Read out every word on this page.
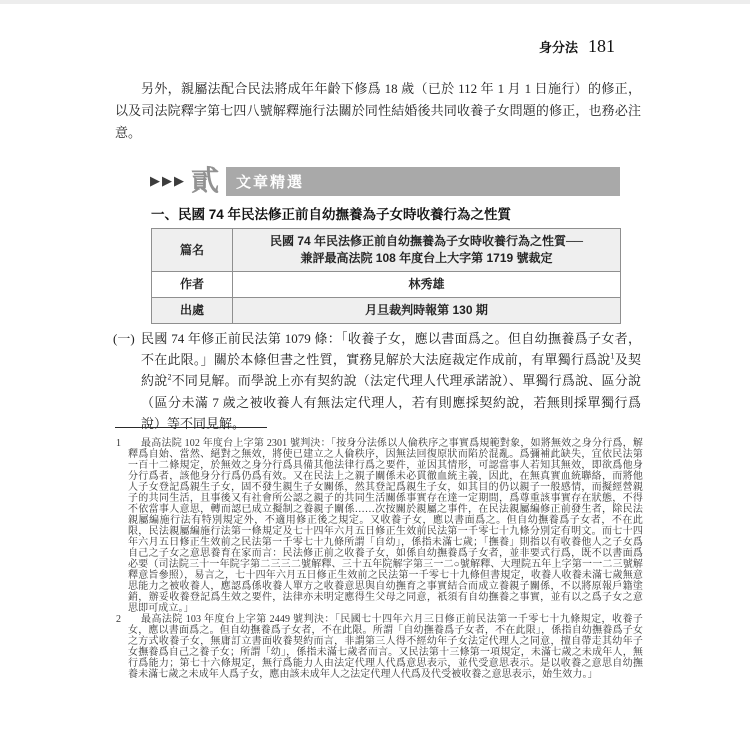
身分法 181

另外，親屬法配合民法將成年年齡下修爲 18 歲（已於 112 年 1 月 1 日施行）的修正，以及司法院釋字第七四八號解釋施行法關於同性結婚後共同收養子女問題的修正，也務必注意。

▶ ▶ ▶ 貳	文章精選
一、民國 74 年民法修正前自幼撫養為子女時收養行為之性質
篇名	民國 74 年民法修正前自幼撫養為子女時收養行為之性質──
兼評最高法院 108 年度台上大字第 1719 號裁定

作者	林秀雄
出處	月旦裁判時報第 130 期

(一) 民國 74 年修正前民法第 1079 條：「收養子女，應以書面爲之。但自幼撫養爲子女者，不在此限。」關於本條但書之性質，實務見解於大法庭裁定作成前，有單獨行爲說$^1$及契約說$^2$不同見解。而學說上亦有契約說（法定代理人代理承諾說）、單獨行爲說、區分說（區分未滿 7 歲之被收養人有無法定代理人，若有則應採契約說，若無則採單獨行爲說）等不同見解。

1 最高法院 102 年度台上字第 2301 號判決：「按身分法係以人倫秩序之事實爲規範對象，如將無效之身分行爲，解釋爲自始、當然、絕對之無效，將使已建立之人倫秩序，因無法回復原狀而陷於混亂。爲彌補此缺失，宜依民法第一百十二條規定，於無效之身分行爲具備其他法律行爲之要件，並因其情形，可認當事人若知其無效，即欲爲他身分行爲者，該他身分行爲仍爲有效。又在民法上之親子關係未必貫徹血統主義，因此，在無真實血統聯絡，而將他人子女登記爲親生子女，固不發生親生子女關係，然其登記爲親生子女，如其目的仍以親子一般感情，而擬經營親子的共同生活，且事後又有社會所公認之親子的共同生活關係事實存在達一定期間，爲尊重該事實存在狀態，不得不依當事人意思，轉而認已成立擬制之養親子關係……次按關於親屬之事件，在民法親屬編修正前發生者，除民法親屬編施行法有特別規定外，不適用修正後之規定。又收養子女，應以書面爲之。但自幼撫養爲子女者，不在此限，民法親屬編施行法第一條規定及七十四年六月五日修正生效前民法第一千零七十九條分別定有明文。而七十四年六月五日修正生效前之民法第一千零七十九條所謂「自幼」，係指未滿七歲；「撫養」則指以有收養他人之子女爲自己之子女之意思養育在家而言：民法修正前之收養子女，如係自幼撫養爲子女者，並非要式行爲，既不以書面爲必要（司法院三十一年院字第二三三二號解釋、三十五年院解字第三一二○號解釋、大理院五年上字第一一二三號解釋意旨參照），易言之，七十四年六月五日修正生效前之民法第一千零七十九條但書規定，收養人收養未滿七歲無意思能力之被收養人，應認爲係收養人單方之收養意思與自幼撫育之事實結合而成立養親子關係，不以將原報戶籍塗銷，辦妥收養登記爲生效之要件，法律亦未明定應得生父母之同意，祇須有自幼撫養之事實，並有以之爲子女之意思即可成立。」
2 最高法院 103 年度台上字第 2449 號判決：「民國七十四年六月三日修正前民法第一千零七十九條規定，收養子女，應以書面爲之。但自幼撫養爲子女者，不在此限。所謂「自幼撫養爲子女者，不在此限」，係指自幼撫養爲子女之方式收養子女，無庸訂立書面收養契約而言，非謂第三人得不經幼年子女法定代理人之同意，擅自帶走其幼年子女撫養爲自己之養子女；所謂「幼」，係指未滿七歲者而言。又民法第十三條第一項規定，未滿七歲之未成年人，無行爲能力；第七十六條規定，無行爲能力人由法定代理人代爲意思表示，並代受意思表示。是以收養之意思自幼撫養未滿七歲之未成年人爲子女，應由該未成年人之法定代理人代爲及代受被收養之意思表示，始生效力。」
